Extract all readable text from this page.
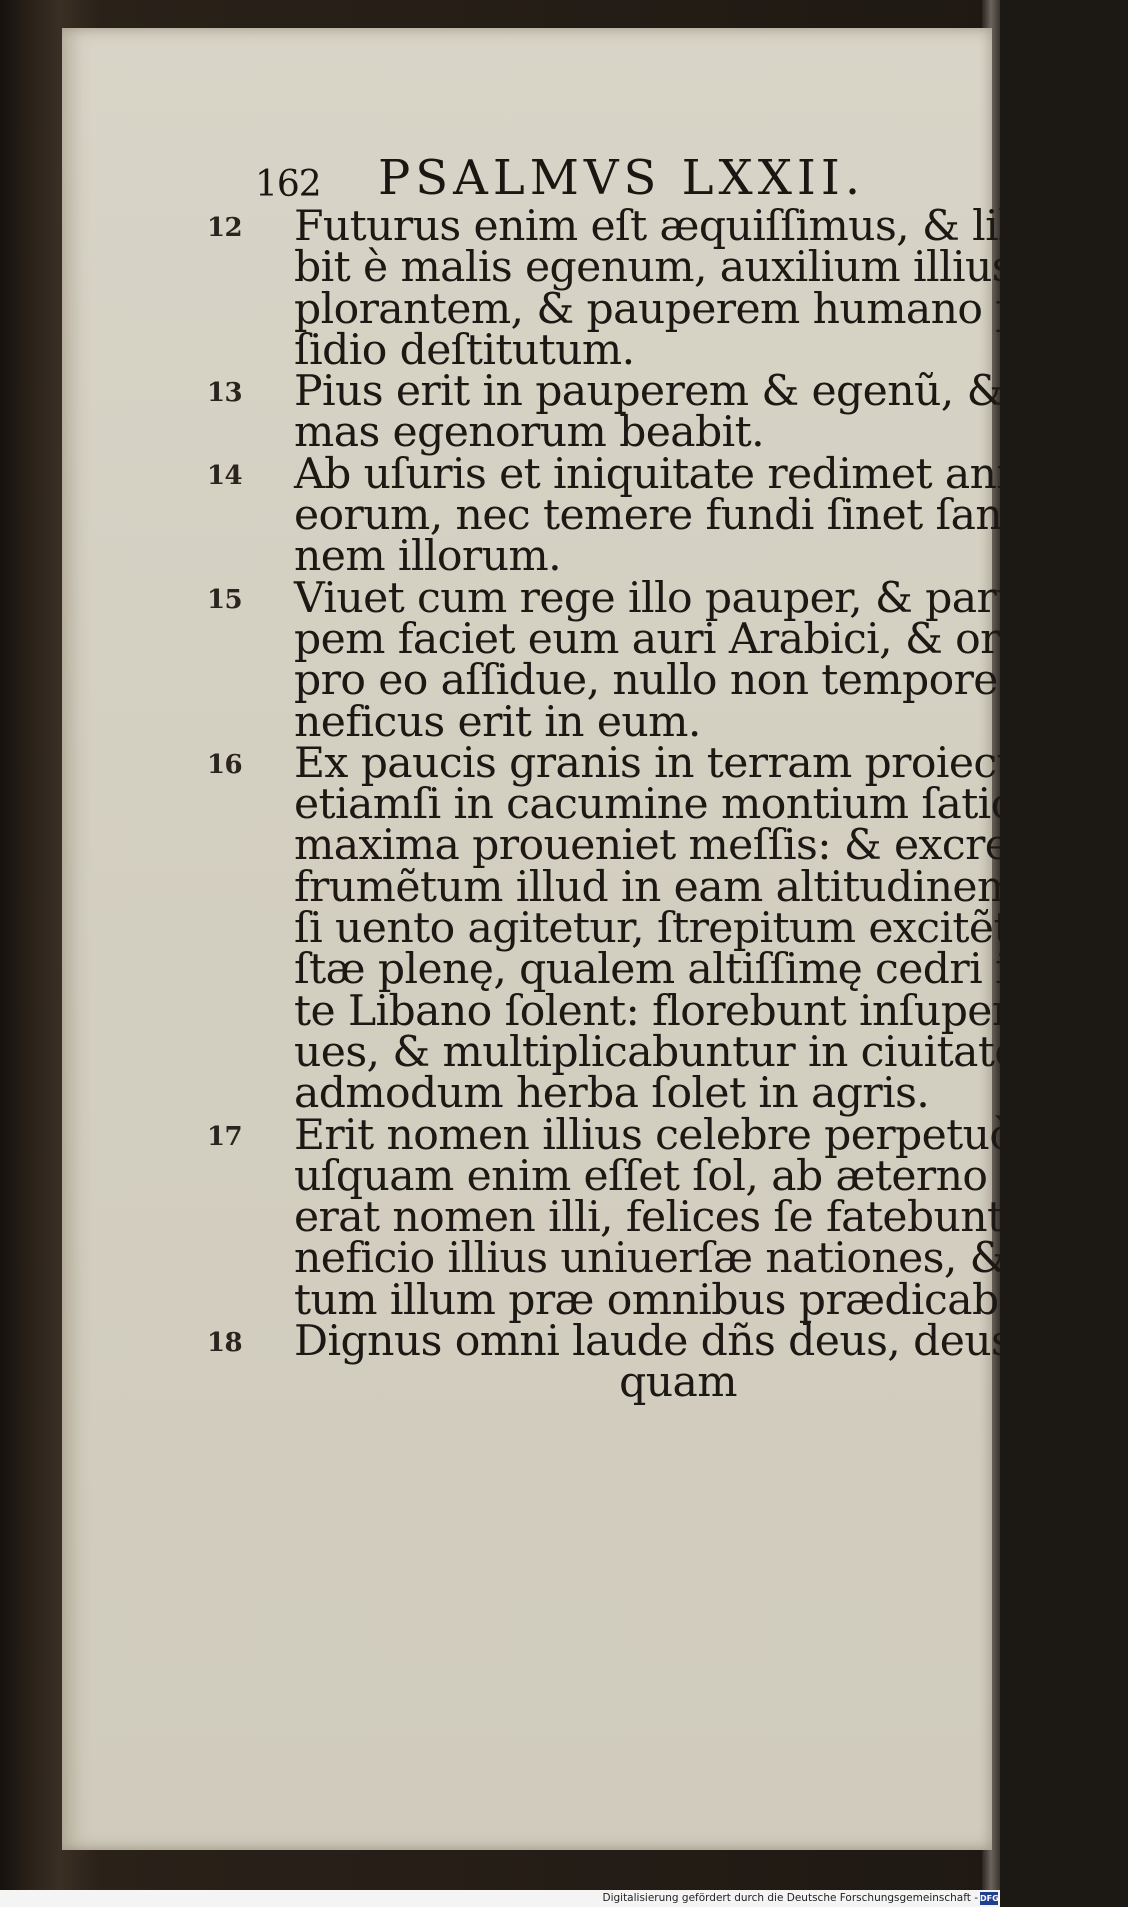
162 PSALMVS LXXII.
12	Futurus enim eſt æquiſſimus, & libera
bit è malis egenum, auxilium illius im
plorantem, & pauperem humano præ
ſidio deſtitutum.
13	Pius erit in pauperem & egenũ, & ani
mas egenorum beabit.
14	Ab uſuris et iniquitate redimet animas
eorum, nec temere fundi ſinet ſangui-
nem illorum.
15	Viuet cum rege illo pauper, & partici-
pem faciet eum auri Arabici, & orabit
pro eo aſſidue, nullo non tempore be-
neficus erit in eum.
16	Ex paucis granis in terram proiectis,
etiamſi in cacumine montium ſatio fiat,
maxima proueniet meſſis: & excreſcet
frumẽtum illud in eam altitudinem, ut
ſi uento agitetur, ſtrepitum excitẽt ari-
ſtæ plenę, qualem altiſſimę cedri in mõ
te Libano ſolent: florebunt inſuper ci-
ues, & multiplicabuntur in ciuitate, quẽ
admodum herba ſolet in agris.
17	Erit nomen illius celebre perpetuò, pri
uſquam enim eſſet ſol, ab æterno filius
erat nomen illi, felices ſe fatebuntur be-
neficio illius uniuerſæ nationes, & bea-
tum illum præ omnibus prædicabunt.
18	Dignus omni laude dñs deus, deus in
quam
Digitalisierung gefördert durch die Deutsche Forschungsgemeinschaft - DFG
